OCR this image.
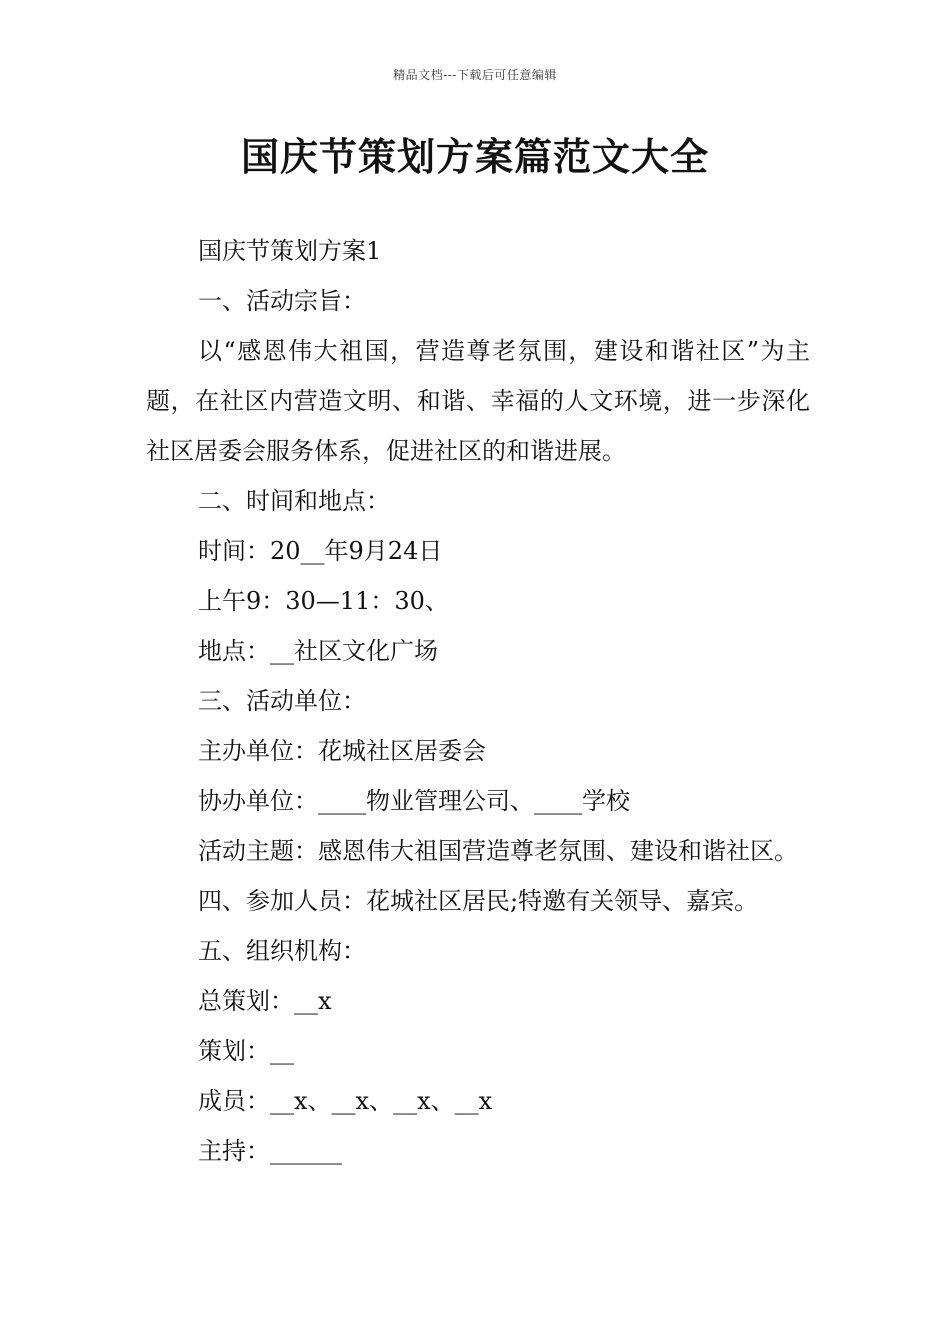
精品文档---下载后可任意编辑
国庆节策划方案篇范文大全

国庆节策划方案1

一、活动宗旨：

以“感恩伟大祖国，营造尊老氛围，建设和谐社区”为主题，在社区内营造文明、和谐、幸福的人文环境，进一步深化社区居委会服务体系，促进社区的和谐进展。

二、时间和地点：

时间：20__年9月24日

上午9：30—11：30、

地点：__社区文化广场

三、活动单位：

主办单位：花城社区居委会

协办单位：____物业管理公司、____学校

活动主题：感恩伟大祖国营造尊老氛围、建设和谐社区。

四、参加人员：花城社区居民;特邀有关领导、嘉宾。

五、组织机构：

总策划：__x

策划：__

成员：__x、__x、__x、__x

主持：______
